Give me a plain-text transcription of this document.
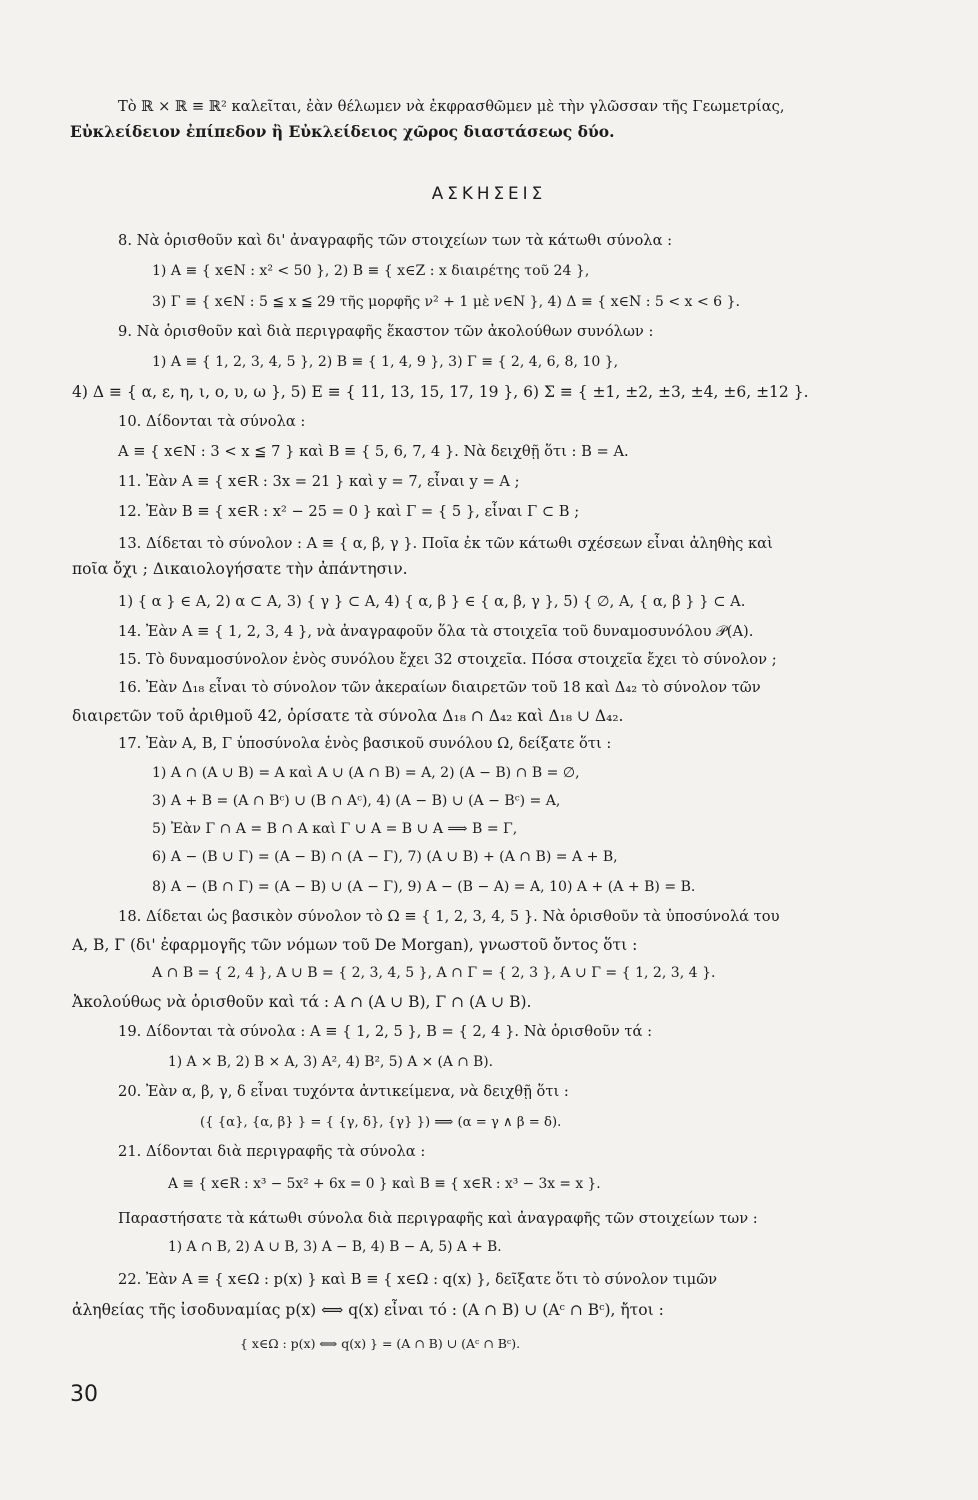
Τὸ ℝ × ℝ ≡ ℝ² καλεῖται, ἐὰν θέλωμεν νὰ ἐκφρασθῶμεν μὲ τὴν γλῶσσαν τῆς Γεωμετρίας,
Εὐκλείδειον ἐπίπεδον ἢ Εὐκλείδειος χῶρος διαστάσεως δύο.
ΑΣΚΗΣΕΙΣ
8. Νὰ ὁρισθοῦν καὶ δι' ἀναγραφῆς τῶν στοιχείων των τὰ κάτωθι σύνολα :
1) A ≡ { x∈N : x² < 50 }, 2) B ≡ { x∈Z : x διαιρέτης τοῦ 24 },
3) Γ ≡ { x∈N : 5 ≦ x ≦ 29 τῆς μορφῆς ν² + 1 μὲ ν∈N }, 4) Δ ≡ { x∈N : 5 < x < 6 }.
9. Νὰ ὁρισθοῦν καὶ διὰ περιγραφῆς ἕκαστον τῶν ἀκολούθων συνόλων :
1) A ≡ { 1, 2, 3, 4, 5 }, 2) B ≡ { 1, 4, 9 }, 3) Γ ≡ { 2, 4, 6, 8, 10 },
4) Δ ≡ { α, ε, η, ι, ο, υ, ω }, 5) E ≡ { 11, 13, 15, 17, 19 }, 6) Σ ≡ { ±1, ±2, ±3, ±4, ±6, ±12 }.
10. Δίδονται τὰ σύνολα :
A ≡ { x∈N : 3 < x ≦ 7 } καὶ B ≡ { 5, 6, 7, 4 }. Νὰ δειχθῇ ὅτι : B = A.
11. Ἐὰν A ≡ { x∈R : 3x = 21 } καὶ y = 7, εἶναι y = A ;
12. Ἐὰν B ≡ { x∈R : x² − 25 = 0 } καὶ Γ = { 5 }, εἶναι Γ ⊂ B ;
13. Δίδεται τὸ σύνολον : A ≡ { α, β, γ }. Ποῖα ἐκ τῶν κάτωθι σχέσεων εἶναι ἀληθὴς καὶ
ποῖα ὄχι ; Δικαιολογήσατε τὴν ἀπάντησιν.
1) { α } ∈ A, 2) α ⊂ A, 3) { γ } ⊂ A, 4) { α, β } ∈ { α, β, γ }, 5) { ∅, A, { α, β } } ⊂ A.
14. Ἐὰν A ≡ { 1, 2, 3, 4 }, νὰ ἀναγραφοῦν ὅλα τὰ στοιχεῖα τοῦ δυναμοσυνόλου 𝒫(A).
15. Τὸ δυναμοσύνολον ἑνὸς συνόλου ἔχει 32 στοιχεῖα. Πόσα στοιχεῖα ἔχει τὸ σύνολον ;
16. Ἐὰν Δ₁₈ εἶναι τὸ σύνολον τῶν ἀκεραίων διαιρετῶν τοῦ 18 καὶ Δ₄₂ τὸ σύνολον τῶν
διαιρετῶν τοῦ ἀριθμοῦ 42, ὁρίσατε τὰ σύνολα Δ₁₈ ∩ Δ₄₂ καὶ Δ₁₈ ∪ Δ₄₂.
17. Ἐὰν A, B, Γ ὑποσύνολα ἑνὸς βασικοῦ συνόλου Ω, δείξατε ὅτι :
1) A ∩ (A ∪ B) = A καὶ A ∪ (A ∩ B) = A, 2) (A − B) ∩ B = ∅,
3) A + B = (A ∩ Bᶜ) ∪ (B ∩ Aᶜ), 4) (A − B) ∪ (A − Bᶜ) = A,
5) Ἐὰν Γ ∩ A = B ∩ A καὶ Γ ∪ A = B ∪ A ⟹ B = Γ,
6) A − (B ∪ Γ) = (A − B) ∩ (A − Γ), 7) (A ∪ B) + (A ∩ B) = A + B,
8) A − (B ∩ Γ) = (A − B) ∪ (A − Γ), 9) A − (B − A) = A, 10) A + (A + B) = B.
18. Δίδεται ὡς βασικὸν σύνολον τὸ Ω ≡ { 1, 2, 3, 4, 5 }. Νὰ ὁρισθοῦν τὰ ὑποσύνολά του
A, B, Γ (δι' ἐφαρμογῆς τῶν νόμων τοῦ De Morgan), γνωστοῦ ὄντος ὅτι :
A ∩ B = { 2, 4 }, A ∪ B = { 2, 3, 4, 5 }, A ∩ Γ = { 2, 3 }, A ∪ Γ = { 1, 2, 3, 4 }.
Ἀκολούθως νὰ ὁρισθοῦν καὶ τά : A ∩ (A ∪ B), Γ ∩ (A ∪ B).
19. Δίδονται τὰ σύνολα : A ≡ { 1, 2, 5 }, B = { 2, 4 }. Νὰ ὁρισθοῦν τά :
1) A × B, 2) B × A, 3) A², 4) B², 5) A × (A ∩ B).
20. Ἐὰν α, β, γ, δ εἶναι τυχόντα ἀντικείμενα, νὰ δειχθῇ ὅτι :
({ {α}, {α, β} } = { {γ, δ}, {γ} }) ⟹ (α = γ ∧ β = δ).
21. Δίδονται διὰ περιγραφῆς τὰ σύνολα :
A ≡ { x∈R : x³ − 5x² + 6x = 0 } καὶ B ≡ { x∈R : x³ − 3x = x }.
Παραστήσατε τὰ κάτωθι σύνολα διὰ περιγραφῆς καὶ ἀναγραφῆς τῶν στοιχείων των :
1) A ∩ B, 2) A ∪ B, 3) A − B, 4) B − A, 5) A + B.
22. Ἐὰν A ≡ { x∈Ω : p(x) } καὶ B ≡ { x∈Ω : q(x) }, δεῖξατε ὅτι τὸ σύνολον τιμῶν
ἀληθείας τῆς ἰσοδυναμίας p(x) ⟺ q(x) εἶναι τό : (A ∩ B) ∪ (Aᶜ ∩ Bᶜ), ἤτοι :
{ x∈Ω : p(x) ⟺ q(x) } = (A ∩ B) ∪ (Aᶜ ∩ Bᶜ).
30
